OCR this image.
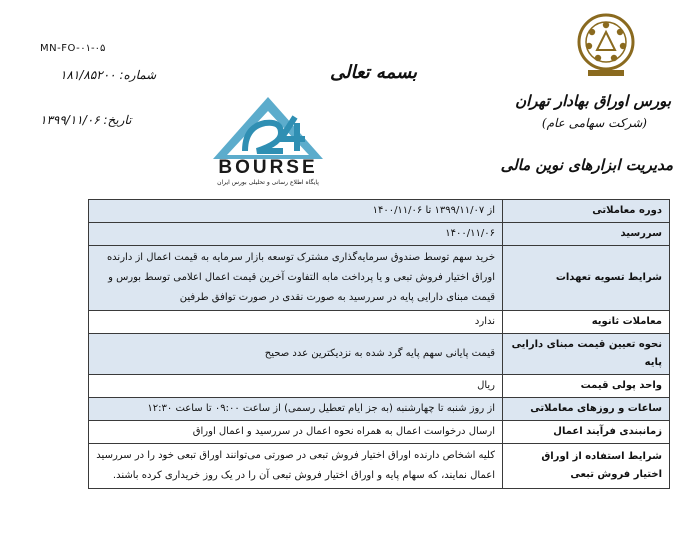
MN-FO-۰۱-۰۵
شماره: ۱۸۱/۸۵۲۰۰
تاریخ: ۱۳۹۹/۱۱/۰۶
بسمه تعالی
BOURSE
پایگاه اطلاع رسانی و تحلیلی بورس ایران
بورس اوراق بهادار تهران
(شرکت سهامی عام)
مدیریت ابزارهای نوین مالی
دوره معاملاتی	از ۱۳۹۹/۱۱/۰۷ تا ۱۴۰۰/۱۱/۰۶
سررسید	۱۴۰۰/۱۱/۰۶
شرایط تسویه تعهدات	خرید سهم توسط صندوق سرمایه‌گذاری مشترک توسعه بازار سرمایه به قیمت اعمال از دارنده اوراق اختیار فروش تبعی و یا پرداخت مابه التفاوت آخرین قیمت اعمال اعلامی توسط بورس و قیمت مبنای دارایی پایه در سررسید به صورت نقدی در صورت توافق طرفین
معاملات ثانویه	ندارد
نحوه تعیین قیمت مبنای دارایی پایه	قیمت پایانی سهم پایه گرد شده به نزدیکترین عدد صحیح
واحد پولی قیمت	ریال
ساعات و روزهای معاملاتی	از روز شنبه تا چهارشنبه (به جز ایام تعطیل رسمی) از ساعت ۰۹:۰۰ تا ساعت ۱۲:۳۰
زمانبندی فرآیند اعمال	ارسال درخواست اعمال به همراه نحوه اعمال در سررسید و اعمال اوراق
شرایط استفاده از اوراق اختیار فروش تبعی	کلیه اشخاص دارنده اوراق اختیار فروش تبعی در صورتی می‌توانند اوراق تبعی خود را در سررسید اعمال نمایند، که سهام پایه و اوراق اختیار فروش تبعی آن را در یک روز خریداری کرده باشند.
